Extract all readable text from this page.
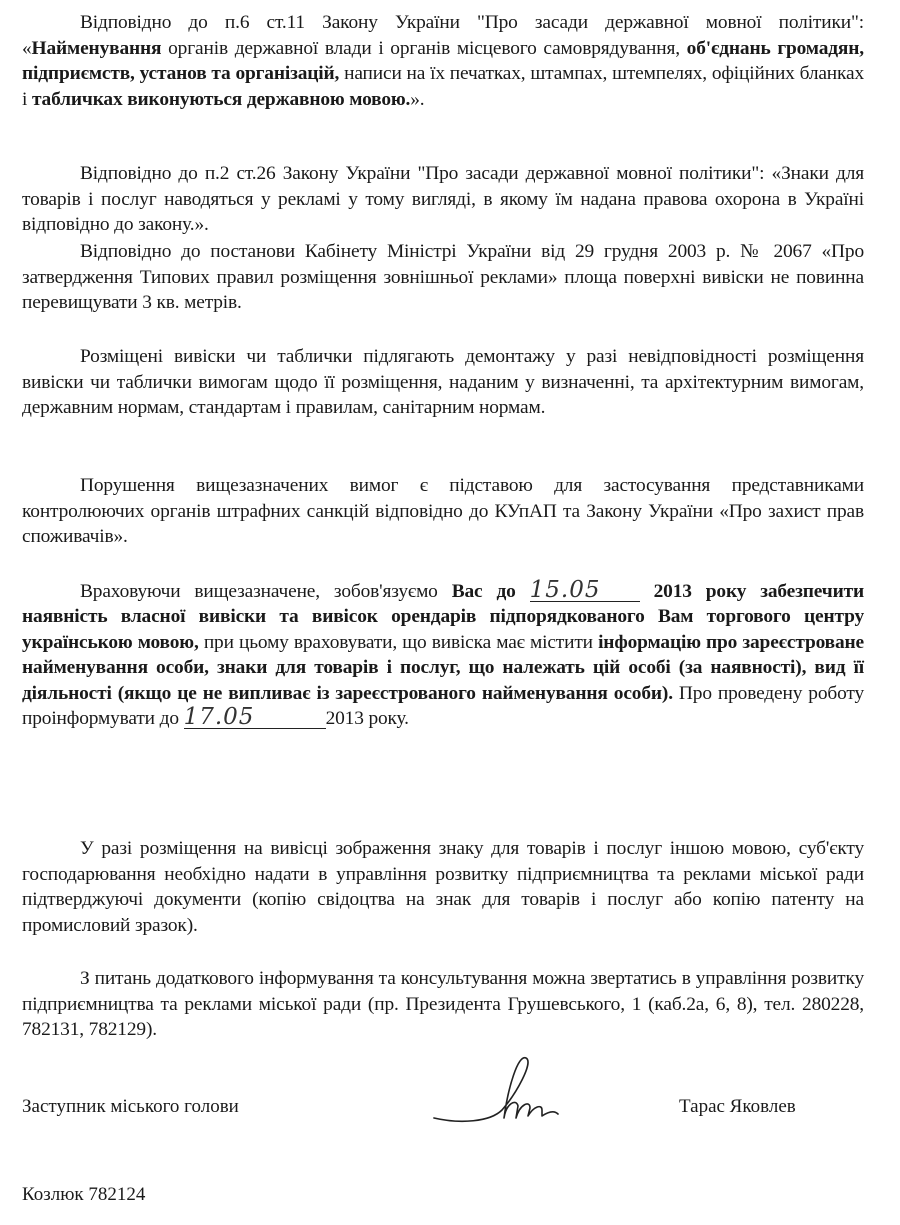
Відповідно до п.6 ст.11 Закону України "Про засади державної мовної політики": «Найменування органів державної влади і органів місцевого самоврядування, об'єднань громадян, підприємств, установ та організацій, написи на їх печатках, штампах, штемпелях, офіційних бланках і табличках виконуються державною мовою.».
Відповідно до п.2 ст.26 Закону України "Про засади державної мовної політики": «Знаки для товарів і послуг наводяться у рекламі у тому вигляді, в якому їм надана правова охорона в Україні відповідно до закону.».
Відповідно до постанови Кабінету Міністрі України від 29 грудня 2003 р. № 2067 «Про затвердження Типових правил розміщення зовнішньої реклами» площа поверхні вивіски не повинна перевищувати 3 кв. метрів.
Розміщені вивіски чи таблички підлягають демонтажу у разі невідповідності розміщення вивіски чи таблички вимогам щодо її розміщення, наданим у визначенні, та архітектурним вимогам, державним нормам, стандартам і правилам, санітарним нормам.
Порушення вищезазначених вимог є підставою для застосування представниками контролюючих органів штрафних санкцій відповідно до КУпАП та Закону України «Про захист прав споживачів».
Враховуючи вищезазначене, зобов'язуємо Вас до 15.05 2013 року забезпечити наявність власної вивіски та вивісок орендарів підпорядкованого Вам торгового центру українською мовою, при цьому враховувати, що вивіска має містити інформацію про зареєстроване найменування особи, знаки для товарів і послуг, що належать цій особі (за наявності), вид її діяльності (якщо це не випливає із зареєстрованого найменування особи). Про проведену роботу проінформувати до 17.05	2013 року.
У разі розміщення на вивісці зображення знаку для товарів і послуг іншою мовою, суб'єкту господарювання необхідно надати в управління розвитку підприємництва та реклами міської ради підтверджуючі документи (копію свідоцтва на знак для товарів і послуг або копію патенту на промисловий зразок).
З питань додаткового інформування та консультування можна звертатись в управління розвитку підприємництва та реклами міської ради (пр. Президента Грушевського, 1 (каб.2а, 6, 8), тел. 280228, 782131, 782129).
Заступник міського голови	Тарас Яковлев
Козлюк 782124
